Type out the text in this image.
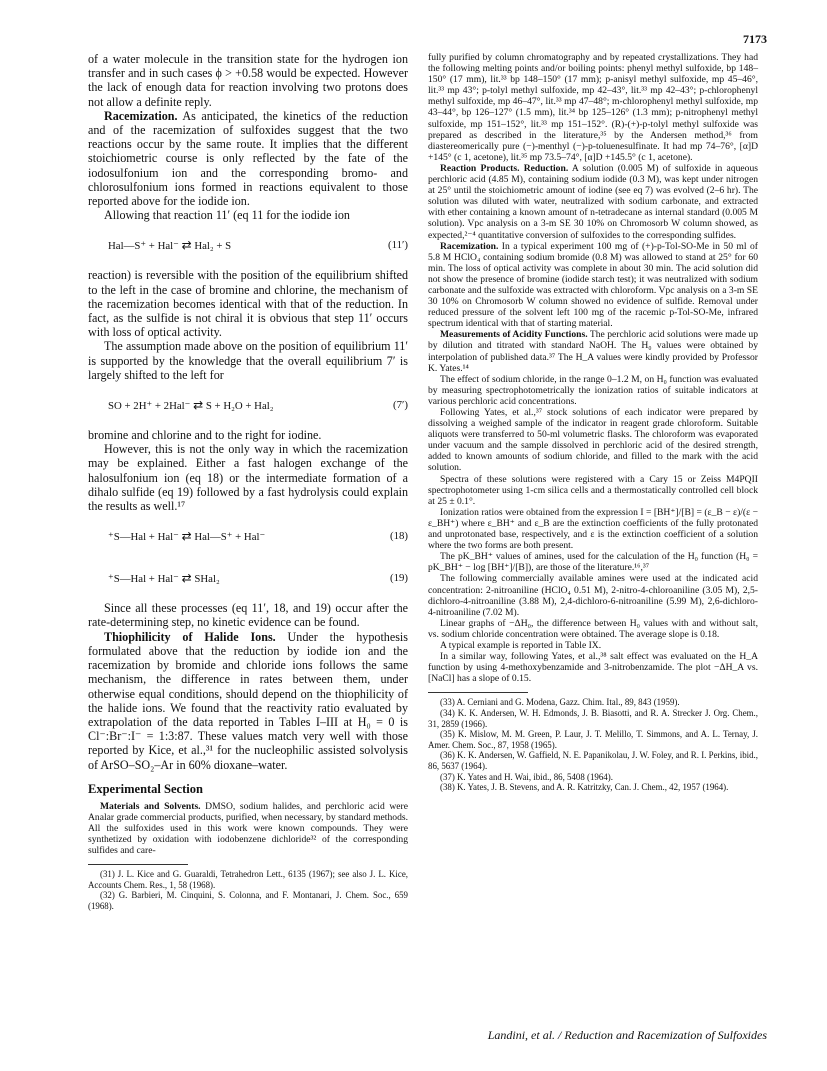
7173

of a water molecule in the transition state for the hydrogen ion transfer and in such cases ϕ > +0.58 would be expected. However the lack of enough data for reaction involving two protons does not allow a definite reply.

Racemization. As anticipated, the kinetics of the reduction and of the racemization of sulfoxides suggest that the two reactions occur by the same route. It implies that the different stoichiometric course is only reflected by the fate of the iodosulfonium ion and the corresponding bromo- and chlorosulfonium ions formed in reactions equivalent to those reported above for the iodide ion.

Allowing that reaction 11′ (eq 11 for the iodide ion

Hal—S⁺ + Hal⁻ ⇄ Hal₂ + S	(11′)

reaction) is reversible with the position of the equilibrium shifted to the left in the case of bromine and chlorine, the mechanism of the racemization becomes identical with that of the reduction. In fact, as the sulfide is not chiral it is obvious that step 11′ occurs with loss of optical activity.

The assumption made above on the position of equilibrium 11′ is supported by the knowledge that the overall equilibrium 7′ is largely shifted to the left for

SO + 2H⁺ + 2Hal⁻ ⇄ S + H₂O + Hal₂	(7′)

bromine and chlorine and to the right for iodine.

However, this is not the only way in which the racemization may be explained. Either a fast halogen exchange of the halosulfonium ion (eq 18) or the intermediate formation of a dihalo sulfide (eq 19) followed by a fast hydrolysis could explain the results as well.¹⁷

⁺S—Hal + Hal⁻ ⇄ Hal—S⁺ + Hal⁻	(18)
⁺S—Hal + Hal⁻ ⇄ SHal₂	(19)

Since all these processes (eq 11′, 18, and 19) occur after the rate-determining step, no kinetic evidence can be found.

Thiophilicity of Halide Ions. Under the hypothesis formulated above that the reduction by iodide ion and the racemization by bromide and chloride ions follows the same mechanism, the difference in rates between them, under otherwise equal conditions, should depend on the thiophilicity of the halide ions. We found that the reactivity ratio evaluated by extrapolation of the data reported in Tables I–III at H₀ = 0 is Cl⁻:Br⁻:I⁻ = 1:3:87. These values match very well with those reported by Kice, et al.,³¹ for the nucleophilic assisted solvolysis of ArSO–SO₂–Ar in 60% dioxane–water.

Experimental Section

Materials and Solvents. DMSO, sodium halides, and perchloric acid were Analar grade commercial products, purified, when necessary, by standard methods. All the sulfoxides used in this work were known compounds. They were synthetized by oxidation with iodobenzene dichloride³² of the corresponding sulfides and care-

(31) J. L. Kice and G. Guaraldi, Tetrahedron Lett., 6135 (1967); see also J. L. Kice, Accounts Chem. Res., 1, 58 (1968).

(32) G. Barbieri, M. Cinquini, S. Colonna, and F. Montanari, J. Chem. Soc., 659 (1968).

fully purified by column chromatography and by repeated crystallizations. They had the following melting points and/or boiling points: phenyl methyl sulfoxide, bp 148–150° (17 mm), lit.³³ bp 148–150° (17 mm); p-anisyl methyl sulfoxide, mp 45–46°, lit.³³ mp 43°; p-tolyl methyl sulfoxide, mp 42–43°, lit.³³ mp 42–43°; p-chlorophenyl methyl sulfoxide, mp 46–47°, lit.³³ mp 47–48°; m-chlorophenyl methyl sulfoxide, mp 43–44°, bp 126–127° (1.5 mm), lit.³⁴ bp 125–126° (1.3 mm); p-nitrophenyl methyl sulfoxide, mp 151–152°, lit.³³ mp 151–152°. (R)-(+)-p-tolyl methyl sulfoxide was prepared as described in the literature,³⁵ by the Andersen method,³⁶ from diastereomerically pure (−)-menthyl (−)-p-toluenesulfinate. It had mp 74–76°, [α]D +145° (c 1, acetone), lit.³⁵ mp 73.5–74°, [α]D +145.5° (c 1, acetone).

Reaction Products. Reduction. A solution (0.005 M) of sulfoxide in aqueous perchloric acid (4.85 M), containing sodium iodide (0.3 M), was kept under nitrogen at 25° until the stoichiometric amount of iodine (see eq 7) was evolved (2–6 hr). The solution was diluted with water, neutralized with sodium carbonate, and extracted with ether containing a known amount of n-tetradecane as internal standard (0.005 M solution). Vpc analysis on a 3-m SE 30 10% on Chromosorb W column showed, as expected,²⁻⁴ quantitative conversion of sulfoxides to the corresponding sulfides.

Racemization. In a typical experiment 100 mg of (+)-p-Tol-SO-Me in 50 ml of 5.8 M HClO₄ containing sodium bromide (0.8 M) was allowed to stand at 25° for 60 min. The loss of optical activity was complete in about 30 min. The acid solution did not show the presence of bromine (iodide starch test); it was neutralized with sodium carbonate and the sulfoxide was extracted with chloroform. Vpc analysis on a 3-m SE 30 10% on Chromosorb W column showed no evidence of sulfide. Removal under reduced pressure of the solvent left 100 mg of the racemic p-Tol-SO-Me, infrared spectrum identical with that of starting material.

Measurements of Acidity Functions. The perchloric acid solutions were made up by dilution and titrated with standard NaOH. The H₀ values were obtained by interpolation of published data.³⁷ The H_A values were kindly provided by Professor K. Yates.¹⁴

The effect of sodium chloride, in the range 0–1.2 M, on H₀ function was evaluated by measuring spectrophotometrically the ionization ratios of suitable indicators at various perchloric acid concentrations.

Following Yates, et al.,³⁷ stock solutions of each indicator were prepared by dissolving a weighed sample of the indicator in reagent grade chloroform. Suitable aliquots were transferred to 50-ml volumetric flasks. The chloroform was evaporated under vacuum and the sample dissolved in perchloric acid of the desired strength, added to known amounts of sodium chloride, and filled to the mark with the acid solution.

Spectra of these solutions were registered with a Cary 15 or Zeiss M4PQII spectrophotometer using 1-cm silica cells and a thermostatically controlled cell block at 25 ± 0.1°.

Ionization ratios were obtained from the expression I = [BH⁺]/[B] = (ε_B − ε)/(ε − ε_BH⁺) where ε_BH⁺ and ε_B are the extinction coefficients of the fully protonated and unprotonated base, respectively, and ε is the extinction coefficient of a solution where the two forms are both present.

The pK_BH⁺ values of amines, used for the calculation of the H₀ function (H₀ = pK_BH⁺ − log [BH⁺]/[B]), are those of the literature.¹⁶,³⁷

The following commercially available amines were used at the indicated acid concentration: 2-nitroaniline (HClO₄ 0.51 M), 2-nitro-4-chloroaniline (3.05 M), 2,5-dichloro-4-nitroaniline (3.88 M), 2,4-dichloro-6-nitroaniline (5.99 M), 2,6-dichloro-4-nitroaniline (7.02 M).

Linear graphs of −ΔH₀, the difference between H₀ values with and without salt, vs. sodium chloride concentration were obtained. The average slope is 0.18.

A typical example is reported in Table IX.

In a similar way, following Yates, et al.,³⁸ salt effect was evaluated on the H_A function by using 4-methoxybenzamide and 3-nitrobenzamide. The plot −ΔH_A vs. [NaCl] has a slope of 0.15.

(33) A. Cerniani and G. Modena, Gazz. Chim. Ital., 89, 843 (1959).

(34) K. K. Andersen, W. H. Edmonds, J. B. Biasotti, and R. A. Strecker J. Org. Chem., 31, 2859 (1966).

(35) K. Mislow, M. M. Green, P. Laur, J. T. Melillo, T. Simmons, and A. L. Ternay, J. Amer. Chem. Soc., 87, 1958 (1965).

(36) K. K. Andersen, W. Gaffield, N. E. Papanikolau, J. W. Foley, and R. I. Perkins, ibid., 86, 5637 (1964).

(37) K. Yates and H. Wai, ibid., 86, 5408 (1964).

(38) K. Yates, J. B. Stevens, and A. R. Katritzky, Can. J. Chem., 42, 1957 (1964).

Landini, et al. / Reduction and Racemization of Sulfoxides
